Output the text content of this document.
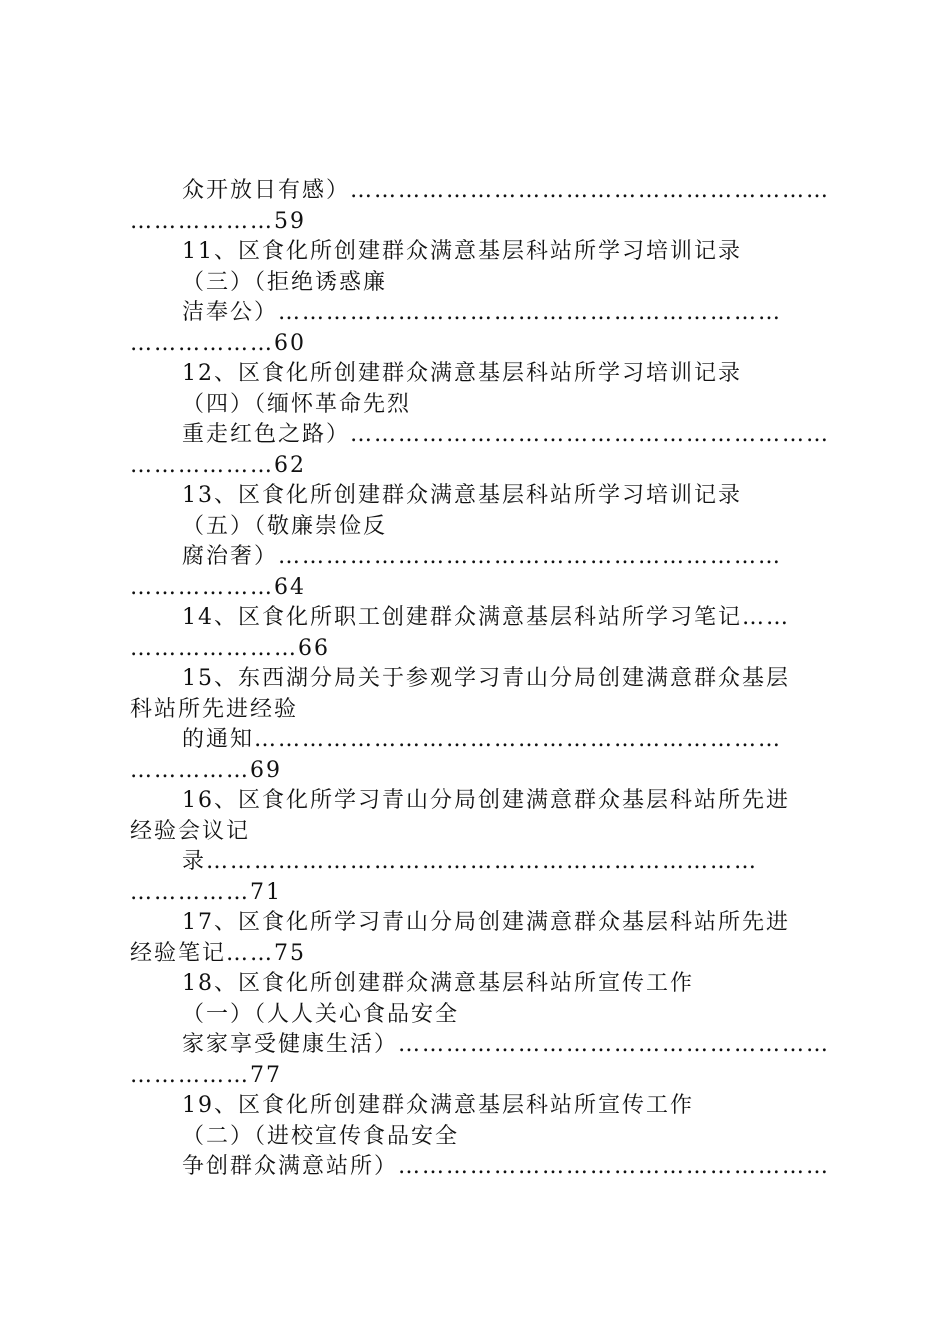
众开放日有感）……………………………………………………
………………59
11、区食化所创建群众满意基层科站所学习培训记录
（三）（拒绝诱惑廉
洁奉公）………………………………………………………
………………60
12、区食化所创建群众满意基层科站所学习培训记录
（四）（缅怀革命先烈
重走红色之路）……………………………………………………
………………62
13、区食化所创建群众满意基层科站所学习培训记录
（五）（敬廉崇俭反
腐治奢）………………………………………………………
………………64
14、区食化所职工创建群众满意基层科站所学习笔记……
…………………66
15、东西湖分局关于参观学习青山分局创建满意群众基层
科站所先进经验
的通知…………………………………………………………
……………69
16、区食化所学习青山分局创建满意群众基层科站所先进
经验会议记
录……………………………………………………………
……………71
17、区食化所学习青山分局创建满意群众基层科站所先进
经验笔记……75
18、区食化所创建群众满意基层科站所宣传工作
（一）（人人关心食品安全
家家享受健康生活）………………………………………………
……………77
19、区食化所创建群众满意基层科站所宣传工作
（二）（进校宣传食品安全
争创群众满意站所）………………………………………………
